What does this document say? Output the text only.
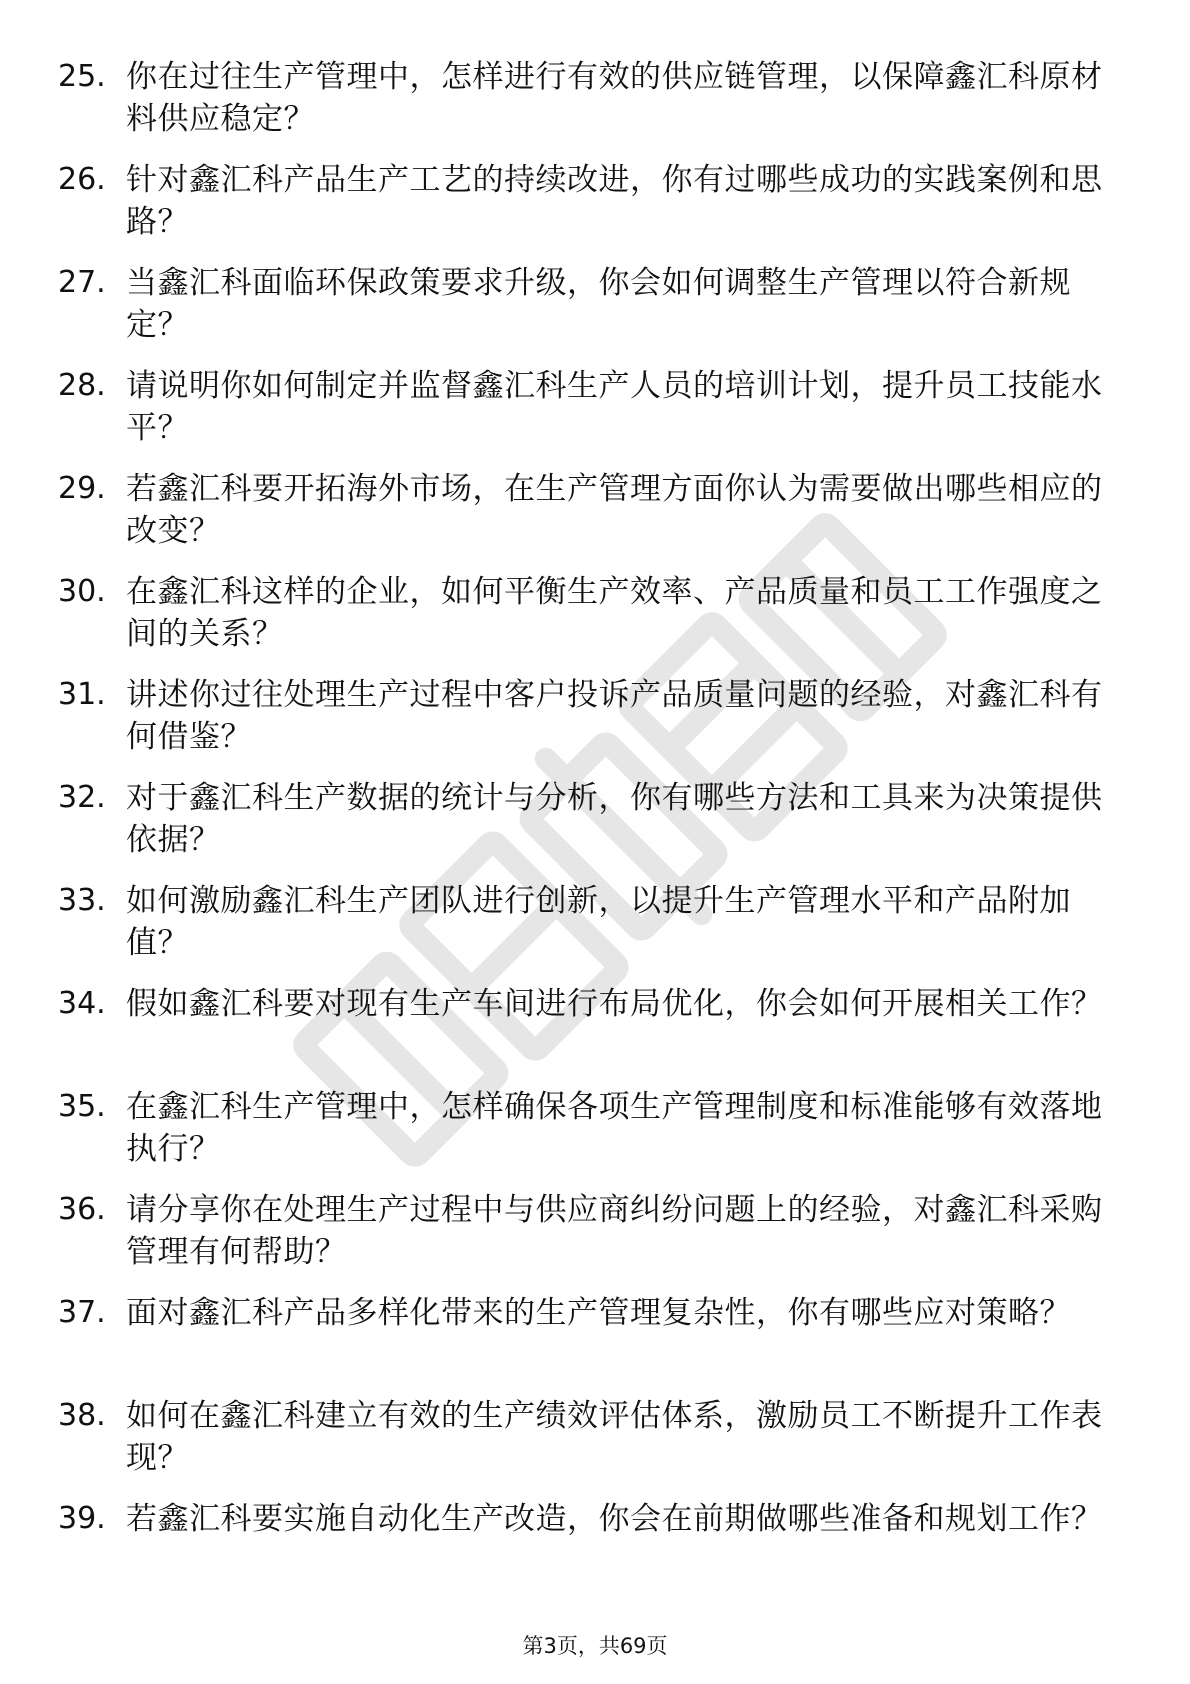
25. 你在过往生产管理中，怎样进行有效的供应链管理，以保障鑫汇科原材料供应稳定？
26. 针对鑫汇科产品生产工艺的持续改进，你有过哪些成功的实践案例和思路？
27. 当鑫汇科面临环保政策要求升级，你会如何调整生产管理以符合新规定？
28. 请说明你如何制定并监督鑫汇科生产人员的培训计划，提升员工技能水平？
29. 若鑫汇科要开拓海外市场，在生产管理方面你认为需要做出哪些相应的改变？
30. 在鑫汇科这样的企业，如何平衡生产效率、产品质量和员工工作强度之间的关系？
31. 讲述你过往处理生产过程中客户投诉产品质量问题的经验，对鑫汇科有何借鉴？
32. 对于鑫汇科生产数据的统计与分析，你有哪些方法和工具来为决策提供依据？
33. 如何激励鑫汇科生产团队进行创新，以提升生产管理水平和产品附加值？
34. 假如鑫汇科要对现有生产车间进行布局优化，你会如何开展相关工作？
35. 在鑫汇科生产管理中，怎样确保各项生产管理制度和标准能够有效落地执行？
36. 请分享你在处理生产过程中与供应商纠纷问题上的经验，对鑫汇科采购管理有何帮助？
37. 面对鑫汇科产品多样化带来的生产管理复杂性，你有哪些应对策略？
38. 如何在鑫汇科建立有效的生产绩效评估体系，激励员工不断提升工作表现？
39. 若鑫汇科要实施自动化生产改造，你会在前期做哪些准备和规划工作？
第3页，共69页
